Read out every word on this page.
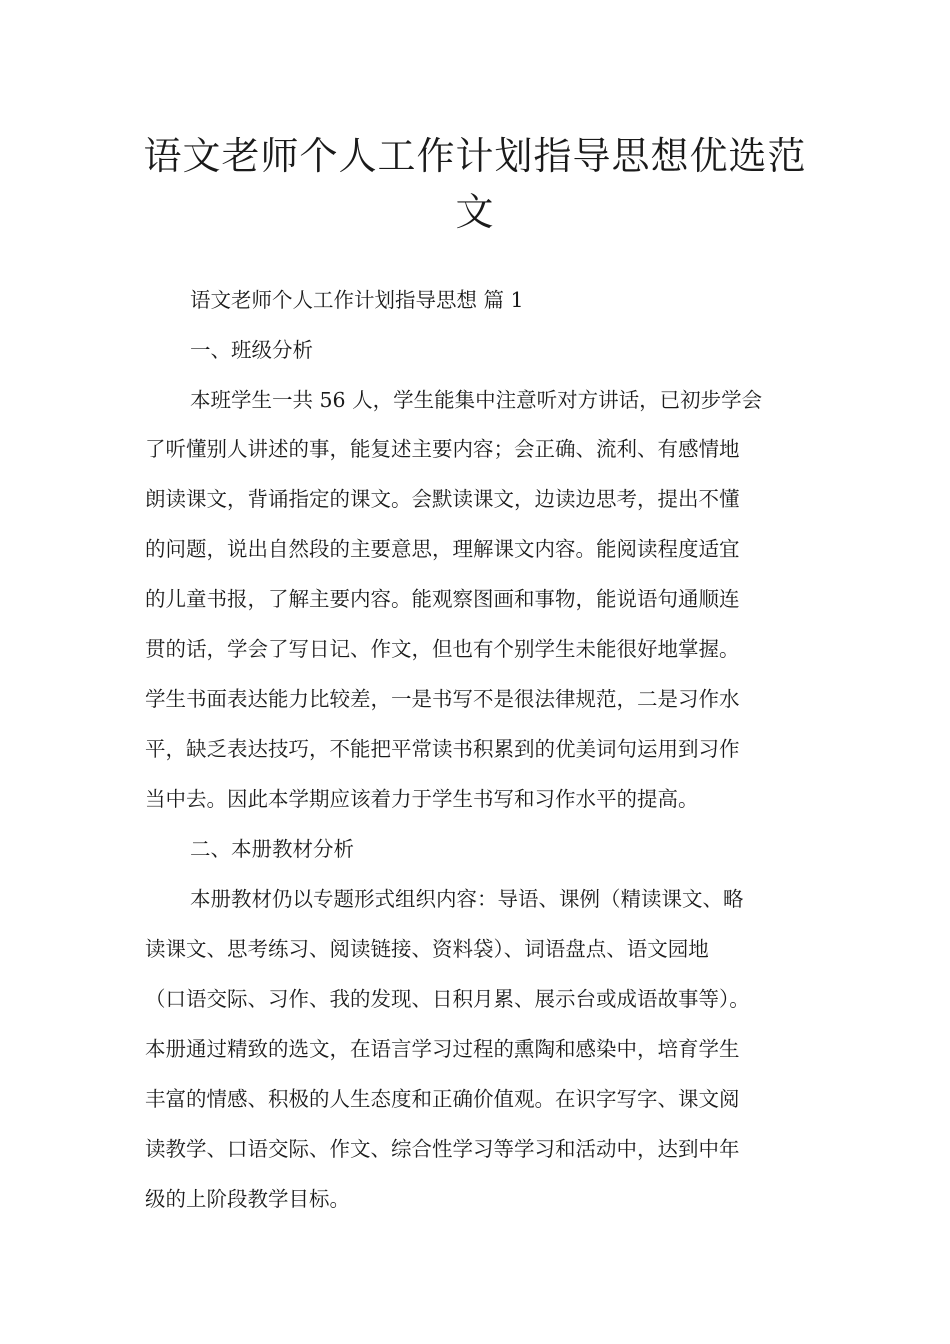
语文老师个人工作计划指导思想优选范
文
语文老师个人工作计划指导思想 篇 1
一、班级分析
本班学生一共 56 人，学生能集中注意听对方讲话，已初步学会
了听懂别人讲述的事，能复述主要内容；会正确、流利、有感情地
朗读课文，背诵指定的课文。会默读课文，边读边思考，提出不懂
的问题，说出自然段的主要意思，理解课文内容。能阅读程度适宜
的儿童书报，了解主要内容。能观察图画和事物，能说语句通顺连
贯的话，学会了写日记、作文，但也有个别学生未能很好地掌握。
学生书面表达能力比较差，一是书写不是很法律规范，二是习作水
平，缺乏表达技巧，不能把平常读书积累到的优美词句运用到习作
当中去。因此本学期应该着力于学生书写和习作水平的提高。
二、本册教材分析
本册教材仍以专题形式组织内容：导语、课例（精读课文、略
读课文、思考练习、阅读链接、资料袋）、词语盘点、语文园地
（口语交际、习作、我的发现、日积月累、展示台或成语故事等）。
本册通过精致的选文，在语言学习过程的熏陶和感染中，培育学生
丰富的情感、积极的人生态度和正确价值观。在识字写字、课文阅
读教学、口语交际、作文、综合性学习等学习和活动中，达到中年
级的上阶段教学目标。
